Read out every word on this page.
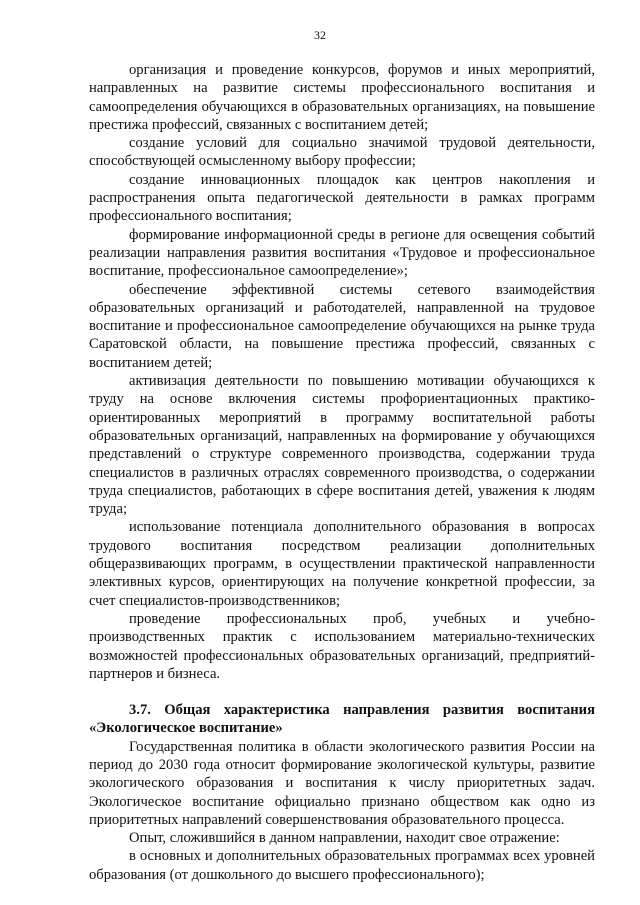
32

организация и проведение конкурсов, форумов и иных мероприятий, направленных на развитие системы профессионального воспитания и самоопределения обучающихся в образовательных организациях, на повышение престижа профессий, связанных с воспитанием детей;

создание условий для социально значимой трудовой деятельности, способствующей осмысленному выбору профессии;

создание инновационных площадок как центров накопления и распространения опыта педагогической деятельности в рамках программ профессионального воспитания;

формирование информационной среды в регионе для освещения событий реализации направления развития воспитания «Трудовое и профессиональное воспитание, профессиональное самоопределение»;

обеспечение эффективной системы сетевого взаимодействия образовательных организаций и работодателей, направленной на трудовое воспитание и профессиональное самоопределение обучающихся на рынке труда Саратовской области, на повышение престижа профессий, связанных с воспитанием детей;

активизация деятельности по повышению мотивации обучающихся к труду на основе включения системы профориентационных практико-ориентированных мероприятий в программу воспитательной работы образовательных организаций, направленных на формирование у обучающихся представлений о структуре современного производства, содержании труда специалистов в различных отраслях современного производства, о содержании труда специалистов, работающих в сфере воспитания детей, уважения к людям труда;

использование потенциала дополнительного образования в вопросах трудового воспитания посредством реализации дополнительных общеразвивающих программ, в осуществлении практической направленности элективных курсов, ориентирующих на получение конкретной профессии, за счет специалистов-производственников;

проведение профессиональных проб, учебных и учебно-производственных практик с использованием материально-технических возможностей профессиональных образовательных организаций, предприятий-партнеров и бизнеса.

3.7. Общая характеристика направления развития воспитания «Экологическое воспитание»

Государственная политика в области экологического развития России на период до 2030 года относит формирование экологической культуры, развитие экологического образования и воспитания к числу приоритетных задач. Экологическое воспитание официально признано обществом как одно из приоритетных направлений совершенствования образовательного процесса.

Опыт, сложившийся в данном направлении, находит свое отражение:

в основных и дополнительных образовательных программах всех уровней образования (от дошкольного до высшего профессионального);
